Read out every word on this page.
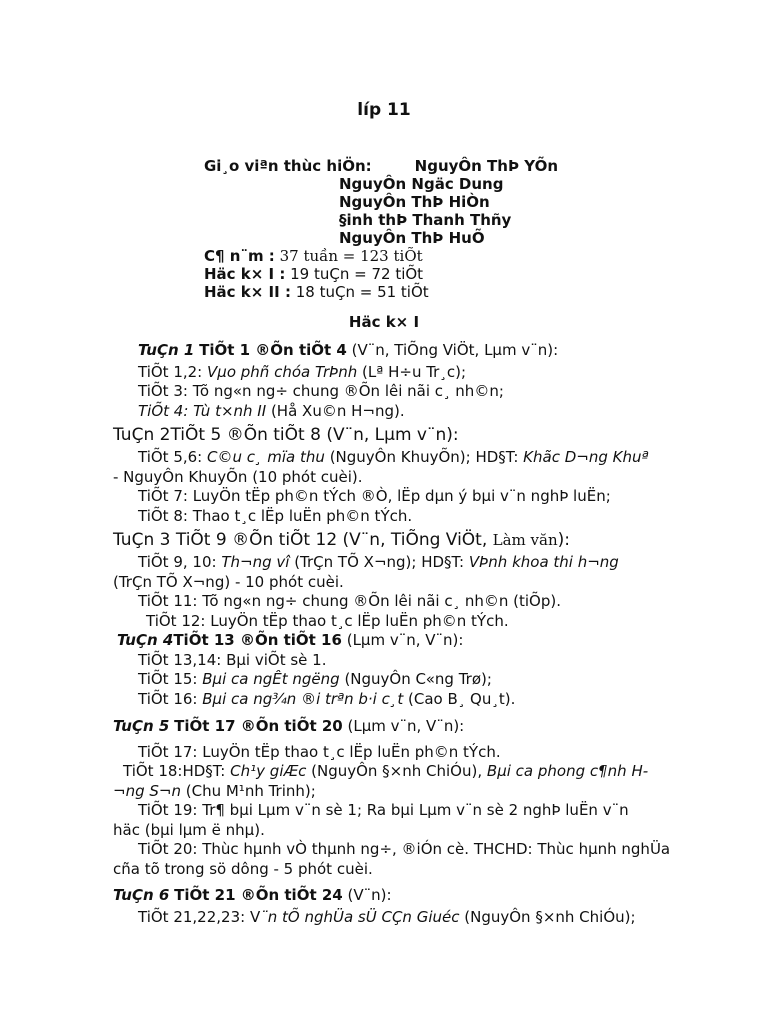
líp 11
Gi¸o viªn thùc hiÖn:	NguyÔn ThÞ YÕn
NguyÔn Ngäc Dung
NguyÔn ThÞ HiÒn
§inh thÞ Thanh Thñy
NguyÔn ThÞ HuÕ
C¶ n¨m : 37 tuần = 123 tiÕt
Häc k× I : 19 tuÇn = 72 tiÕt
Häc k× II : 18 tuÇn = 51 tiÕt
Häc k× I
TuÇn 1 TiÕt 1 ®Õn tiÕt 4 (V¨n, TiÕng ViÖt, Lµm v¨n):
TiÕt 1,2: Vµo phñ chóa TrÞnh (Lª H÷u Tr¸c);
TiÕt 3: Tõ ng«n ng÷ chung ®Õn lêi nãi c¸ nh©n;
TiÕt 4: Tù t×nh II (Hå Xu©n H¬ng).
TuÇn 2TiÕt 5 ®Õn tiÕt 8 (V¨n, Lµm v¨n):
TiÕt 5,6: C©u c¸ mïa thu (NguyÔn KhuyÕn); HD§T: Khãc D¬ng Khuª
- NguyÔn KhuyÕn (10 phót cuèi).
TiÕt 7: LuyÖn tËp ph©n tÝch ®Ò, lËp dµn ý bµi v¨n nghÞ luËn;
TiÕt 8: Thao t¸c lËp luËn ph©n tÝch.
TuÇn 3 TiÕt 9 ®Õn tiÕt 12 (V¨n, TiÕng ViÖt, Làm văn):
TiÕt 9, 10: Th¬ng vî (TrÇn TÕ X¬ng); HD§T: VÞnh khoa thi h¬ng
(TrÇn TÕ X¬ng) - 10 phót cuèi.
TiÕt 11: Tõ ng«n ng÷ chung ®Õn lêi nãi c¸ nh©n (tiÕp).
TiÕt 12: LuyÖn tËp thao t¸c lËp luËn ph©n tÝch.
TuÇn 4TiÕt 13 ®Õn tiÕt 16 (Lµm v¨n, V¨n):
TiÕt 13,14: Bµi viÕt sè 1.
TiÕt 15: Bµi ca ngÊt ngëng (NguyÔn C«ng Trø);
TiÕt 16: Bµi ca ng¾n ®i trªn b·i c¸t (Cao B¸ Qu¸t).
TuÇn 5 TiÕt 17 ®Õn tiÕt 20 (Lµm v¨n, V¨n):
TiÕt 17: LuyÖn tËp thao t¸c lËp luËn ph©n tÝch.
TiÕt 18:HD§T: Ch¹y giÆc (NguyÔn §×nh ChiÓu), Bµi ca phong c¶nh H-
¬ng S¬n (Chu M¹nh Trinh);
TiÕt 19: Tr¶ bµi Lµm v¨n sè 1; Ra bµi Lµm v¨n sè 2 nghÞ luËn v¨n
häc (bµi lµm ë nhµ).
TiÕt 20: Thùc hµnh vÒ thµnh ng÷, ®iÓn cè. THCHD: Thùc hµnh nghÜa
cña tõ trong sö dông - 5 phót cuèi.
TuÇn 6 TiÕt 21 ®Õn tiÕt 24 (V¨n):
TiÕt 21,22,23: V¨n tÕ nghÜa sÜ CÇn Giuéc (NguyÔn §×nh ChiÓu);
